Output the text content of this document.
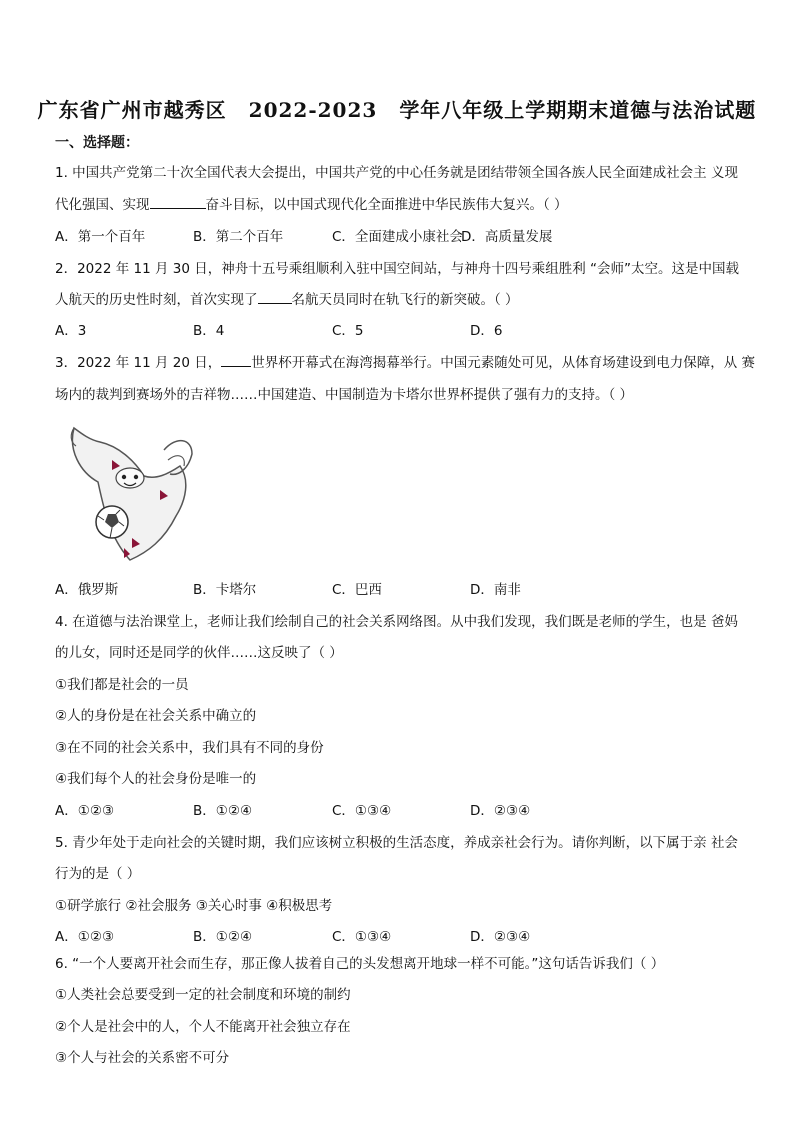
广东省广州市越秀区 2022-2023 学年八年级上学期期末道德与法治试题
一、选择题：
1. 中国共产党第二十次全国代表大会提出，中国共产党的中心任务就是团结带领全国各族人民全面建成社会主 义现
代化强国、实现	奋斗目标，以中国式现代化全面推进中华民族伟大复兴。（ ）
A．第一个百年	B．第二个百年	C．全面建成小康社会
D．高质量发展
2．2022 年 11 月 30 日，神舟十五号乘组顺利入驻中国空间站，与神舟十四号乘组胜利 “会师”太空。这是中国载
人航天的历史性时刻，首次实现了	名航天员同时在轨飞行的新突破。（ ）
A．3	B．4	C．5	D．6
3．2022 年 11 月 20 日， 世界杯开幕式在海湾揭幕举行。中国元素随处可见，从体育场建设到电力保障，从 赛
场内的裁判到赛场外的吉祥物……中国建造、中国制造为卡塔尔世界杯提供了强有力的支持。（ ）
A．俄罗斯	B．卡塔尔	C．巴西	D．南非
4. 在道德与法治课堂上，老师让我们绘制自己的社会关系网络图。从中我们发现，我们既是老师的学生，也是 爸妈
的儿女，同时还是同学的伙伴……这反映了（ ）
①我们都是社会的一员
②人的身份是在社会关系中确立的
③在不同的社会关系中，我们具有不同的身份
④我们每个人的社会身份是唯一的
A．①②③	B．①②④	C．①③④	D．②③④
5. 青少年处于走向社会的关键时期，我们应该树立积极的生活态度，养成亲社会行为。请你判断，以下属于亲 社会
行为的是（ ）
①研学旅行 ②社会服务 ③关心时事 ④积极思考
A．①②③	B．①②④	C．①③④	D．②③④
6. “一个人要离开社会而生存，那正像人拔着自己的头发想离开地球一样不可能。”这句话告诉我们（ ）
①人类社会总要受到一定的社会制度和环境的制约
②个人是社会中的人，个人不能离开社会独立存在
③个人与社会的关系密不可分
